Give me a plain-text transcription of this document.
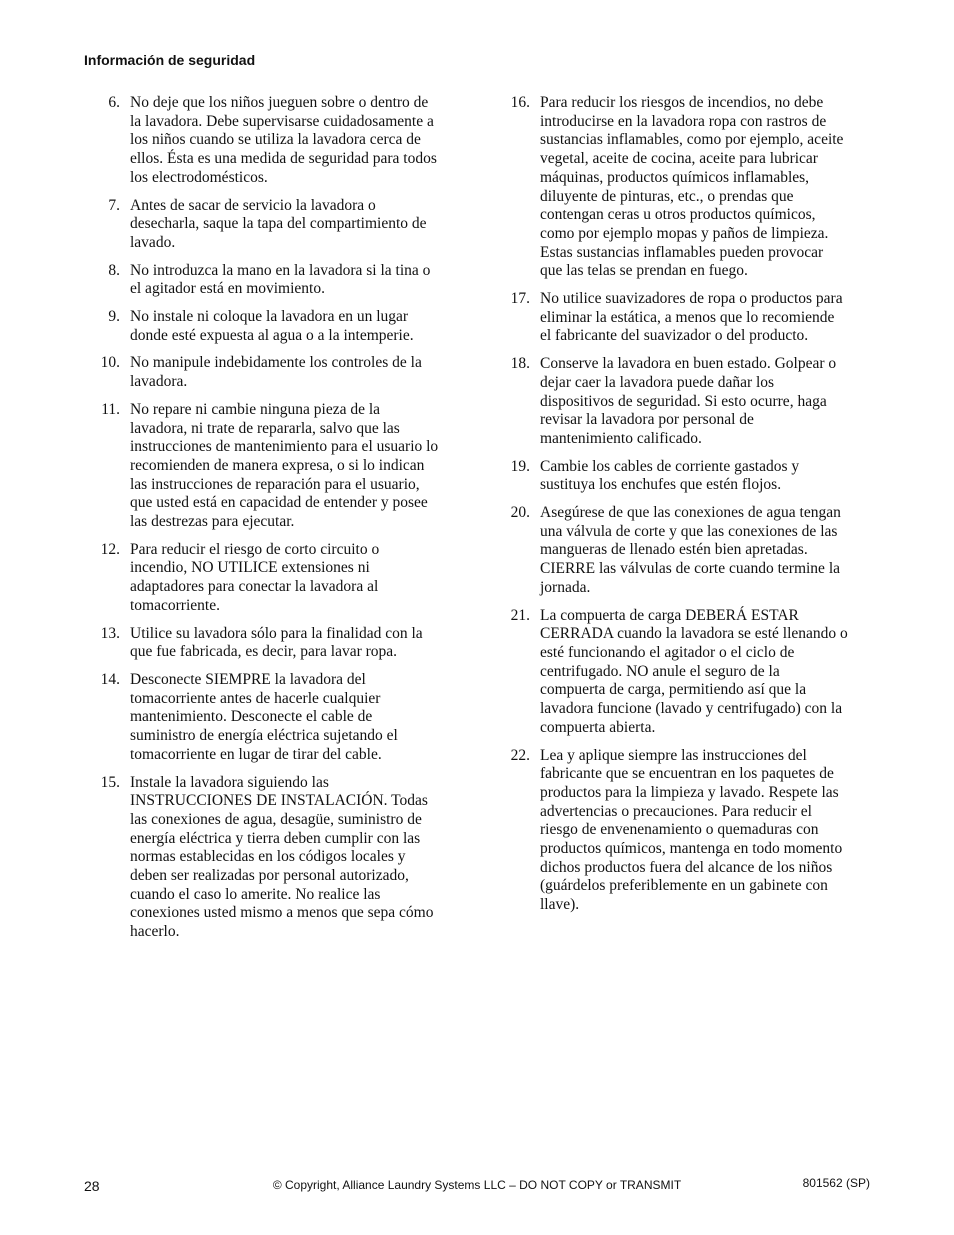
Información de seguridad
6. No deje que los niños jueguen sobre o dentro de
la lavadora. Debe supervisarse cuidadosamente a
los niños cuando se utiliza la lavadora cerca de
ellos. Ésta es una medida de seguridad para todos
los electrodomésticos.
7. Antes de sacar de servicio la lavadora o
desecharla, saque la tapa del compartimiento de
lavado.
8. No introduzca la mano en la lavadora si la tina o
el agitador está en movimiento.
9. No instale ni coloque la lavadora en un lugar
donde esté expuesta al agua o a la intemperie.
10. No manipule indebidamente los controles de la
lavadora.
11. No repare ni cambie ninguna pieza de la
lavadora, ni trate de repararla, salvo que las
instrucciones de mantenimiento para el usuario lo
recomienden de manera expresa, o si lo indican
las instrucciones de reparación para el usuario,
que usted está en capacidad de entender y posee
las destrezas para ejecutar.
12. Para reducir el riesgo de corto circuito o
incendio, NO UTILICE extensiones ni
adaptadores para conectar la lavadora al
tomacorriente.
13. Utilice su lavadora sólo para la finalidad con la
que fue fabricada, es decir, para lavar ropa.
14. Desconecte SIEMPRE la lavadora del
tomacorriente antes de hacerle cualquier
mantenimiento. Desconecte el cable de
suministro de energía eléctrica sujetando el
tomacorriente en lugar de tirar del cable.
15. Instale la lavadora siguiendo las
INSTRUCCIONES DE INSTALACIÓN. Todas
las conexiones de agua, desagüe, suministro de
energía eléctrica y tierra deben cumplir con las
normas establecidas en los códigos locales y
deben ser realizadas por personal autorizado,
cuando el caso lo amerite. No realice las
conexiones usted mismo a menos que sepa cómo
hacerlo.
16. Para reducir los riesgos de incendios, no debe
introducirse en la lavadora ropa con rastros de
sustancias inflamables, como por ejemplo, aceite
vegetal, aceite de cocina, aceite para lubricar
máquinas, productos químicos inflamables,
diluyente de pinturas, etc., o prendas que
contengan ceras u otros productos químicos,
como por ejemplo mopas y paños de limpieza.
Estas sustancias inflamables pueden provocar
que las telas se prendan en fuego.
17. No utilice suavizadores de ropa o productos para
eliminar la estática, a menos que lo recomiende
el fabricante del suavizador o del producto.
18. Conserve la lavadora en buen estado. Golpear o
dejar caer la lavadora puede dañar los
dispositivos de seguridad. Si esto ocurre, haga
revisar la lavadora por personal de
mantenimiento calificado.
19. Cambie los cables de corriente gastados y
sustituya los enchufes que estén flojos.
20. Asegúrese de que las conexiones de agua tengan
una válvula de corte y que las conexiones de las
mangueras de llenado estén bien apretadas.
CIERRE las válvulas de corte cuando termine la
jornada.
21. La compuerta de carga DEBERÁ ESTAR
CERRADA cuando la lavadora se esté llenando o
esté funcionando el agitador o el ciclo de
centrifugado. NO anule el seguro de la
compuerta de carga, permitiendo así que la
lavadora funcione (lavado y centrifugado) con la
compuerta abierta.
22. Lea y aplique siempre las instrucciones del
fabricante que se encuentran en los paquetes de
productos para la limpieza y lavado. Respete las
advertencias o precauciones. Para reducir el
riesgo de envenenamiento o quemaduras con
productos químicos, mantenga en todo momento
dichos productos fuera del alcance de los niños
(guárdelos preferiblemente en un gabinete con
llave).
28	© Copyright, Alliance Laundry Systems LLC – DO NOT COPY or TRANSMIT	801562 (SP)
